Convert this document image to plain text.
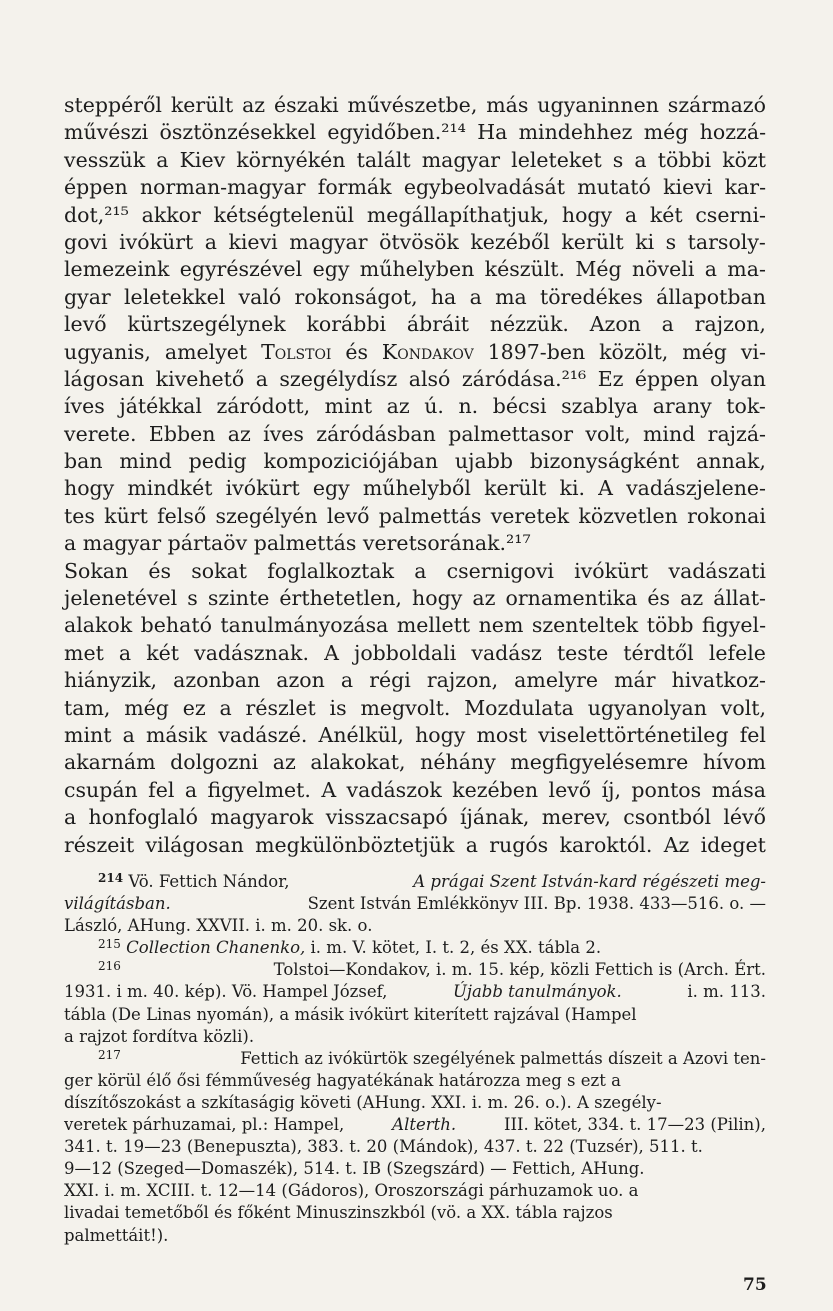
steppéről került az északi művészetbe, más ugyaninnen származó
művészi ösztönzésekkel egyidőben.²¹⁴ Ha mindehhez még hozzá-
vesszük a Kiev környékén talált magyar leleteket s a többi közt
éppen norman-magyar formák egybeolvadását mutató kievi kar-
dot,²¹⁵ akkor kétségtelenül megállapíthatjuk, hogy a két cserni-
govi ivókürt a kievi magyar ötvösök kezéből került ki s tarsoly-
lemezeink egyrészével egy műhelyben készült. Még növeli a ma-
gyar leletekkel való rokonságot, ha a ma töredékes állapotban
levő kürtszegélynek korábbi ábráit nézzük. Azon a rajzon,
ugyanis, amelyet Tolstoi és Kondakov 1897-ben közölt, még vi-
lágosan kivehető a szegélydísz alsó záródása.²¹⁶ Ez éppen olyan
íves játékkal záródott, mint az ú. n. bécsi szablya arany tok-
verete. Ebben az íves záródásban palmettasor volt, mind rajzá-
ban mind pedig kompoziciójában ujabb bizonyságként annak,
hogy mindkét ivókürt egy műhelyből került ki. A vadászjelene-
tes kürt felső szegélyén levő palmettás veretek közvetlen rokonai
a magyar pártaöv palmettás veretsorának.²¹⁷
Sokan és sokat foglalkoztak a csernigovi ivókürt vadászati
jelenetével s szinte érthetetlen, hogy az ornamentika és az állat-
alakok beható tanulmányozása mellett nem szenteltek több figyel-
met a két vadásznak. A jobboldali vadász teste térdtől lefele
hiányzik, azonban azon a régi rajzon, amelyre már hivatkoz-
tam, még ez a részlet is megvolt. Mozdulata ugyanolyan volt,
mint a másik vadászé. Anélkül, hogy most viselettörténetileg fel
akarnám dolgozni az alakokat, néhány megfigyelésemre hívom
csupán fel a figyelmet. A vadászok kezében levő íj, pontos mása
a honfoglaló magyarok visszacsapó íjának, merev, csontból lévő
részeit világosan megkülönböztetjük a rugós karoktól. Az ideget
214 Vö. Fettich Nándor,	A prágai Szent István-kard régészeti meg-
világításban.	Szent István Emlékkönyv III. Bp. 1938. 433—516. o. —
László, AHung. XXVII. i. m. 20. sk. o.
215 Collection Chanenko, i. m. V. kötet, I. t. 2, és XX. tábla 2.
216	Tolstoi—Kondakov, i. m. 15. kép, közli Fettich is (Arch. Ért.
1931. i m. 40. kép). Vö. Hampel József,	Újabb tanulmányok.	i. m. 113.
tábla (De Linas nyomán), a másik ivókürt kiterített rajzával (Hampel
a rajzot fordítva közli).
217	Fettich az ivókürtök szegélyének palmettás díszeit a Azovi ten-
ger körül élő ősi fémműveség hagyatékának határozza meg s ezt a
díszítőszokást a szkítaságig követi (AHung. XXI. i. m. 26. o.). A szegély-
veretek párhuzamai, pl.: Hampel,	Alterth.	III. kötet, 334. t. 17—23 (Pilin),
341. t. 19—23 (Benepuszta), 383. t. 20 (Mándok), 437. t. 22 (Tuzsér), 511. t.
9—12 (Szeged—Domaszék), 514. t. IB (Szegszárd) — Fettich, AHung.
XXI. i. m. XCIII. t. 12—14 (Gádoros), Oroszországi párhuzamok uo. a
livadai temetőből és főként Minuszinszkból (vö. a XX. tábla rajzos
palmettáit!).
75
